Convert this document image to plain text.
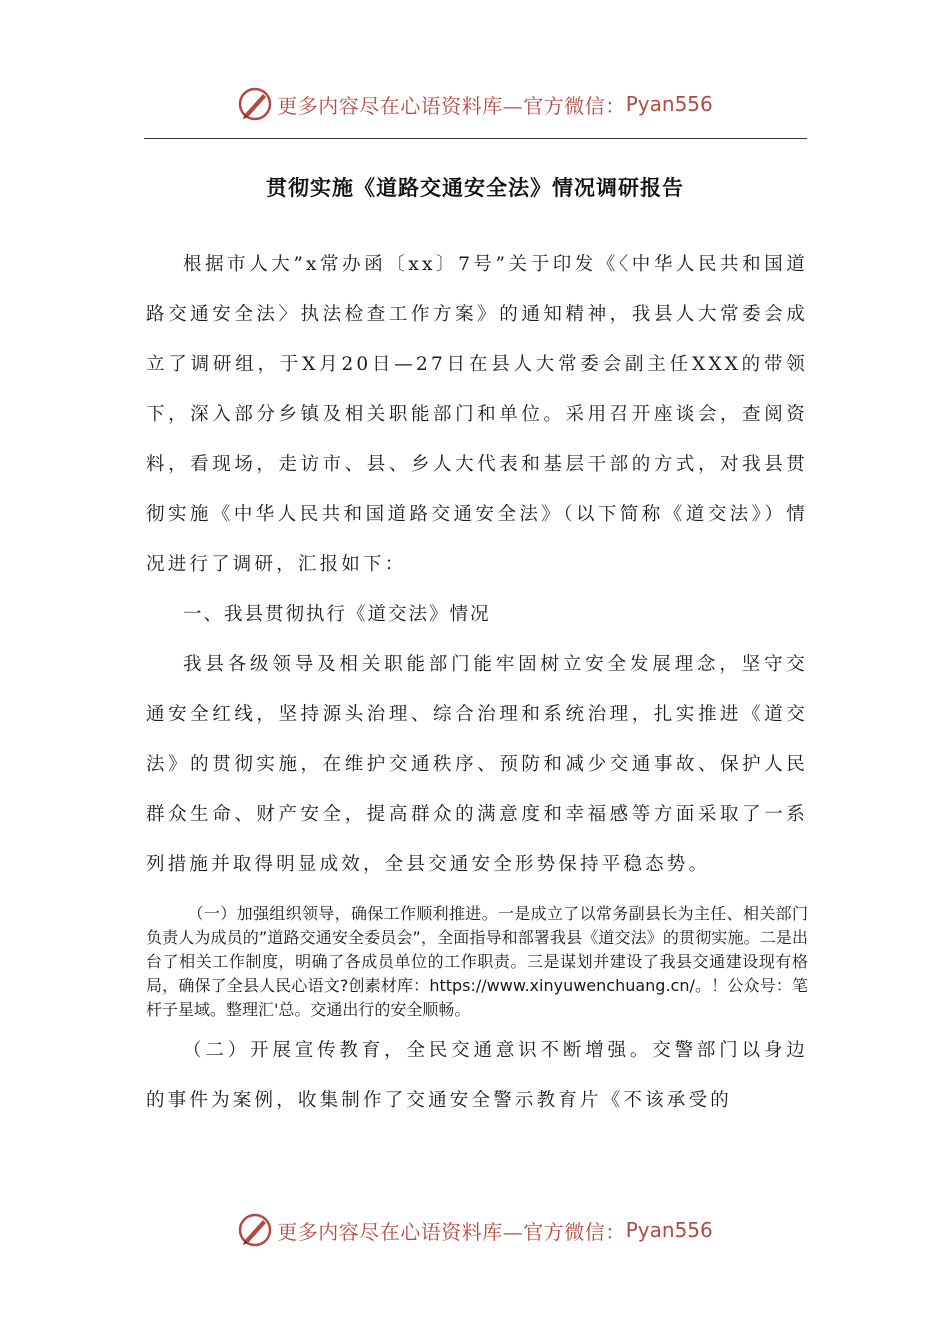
更多内容尽在心语资料库—官方微信： Pyan556
贯彻实施《道路交通安全法》情况调研报告

根据市人大”x常办函〔xx〕7号”关于印发《〈中华人民共和国道路交通安全法〉执法检查工作方案》的通知精神，我县人大常委会成立了调研组，于X月20日—27日在县人大常委会副主任XXX的带领下，深入部分乡镇及相关职能部门和单位。采用召开座谈会，查阅资料，看现场，走访市、县、乡人大代表和基层干部的方式，对我县贯彻实施《中华人民共和国道路交通安全法》（以下简称《道交法》）情况进行了调研，汇报如下：

一、我县贯彻执行《道交法》情况

我县各级领导及相关职能部门能牢固树立安全发展理念，坚守交通安全红线，坚持源头治理、综合治理和系统治理，扎实推进《道交法》的贯彻实施，在维护交通秩序、预防和减少交通事故、保护人民群众生命、财产安全，提高群众的满意度和幸福感等方面采取了一系列措施并取得明显成效，全县交通安全形势保持平稳态势。

（一）加强组织领导，确保工作顺利推进。一是成立了以常务副县长为主任、相关部门负责人为成员的”道路交通安全委员会”，全面指导和部署我县《道交法》的贯彻实施。二是出台了相关工作制度，明确了各成员单位的工作职责。三是谋划并建设了我县交通建设现有格局，确保了全县人民心语文?创素材库：https://www.xinyuwenchuang.cn/。！公众号：笔杆子星域。整理汇'总。交通出行的安全顺畅。

（二）开展宣传教育，全民交通意识不断增强。交警部门以身边的事件为案例，收集制作了交通安全警示教育片《不该承受的

更多内容尽在心语资料库—官方微信： Pyan556
